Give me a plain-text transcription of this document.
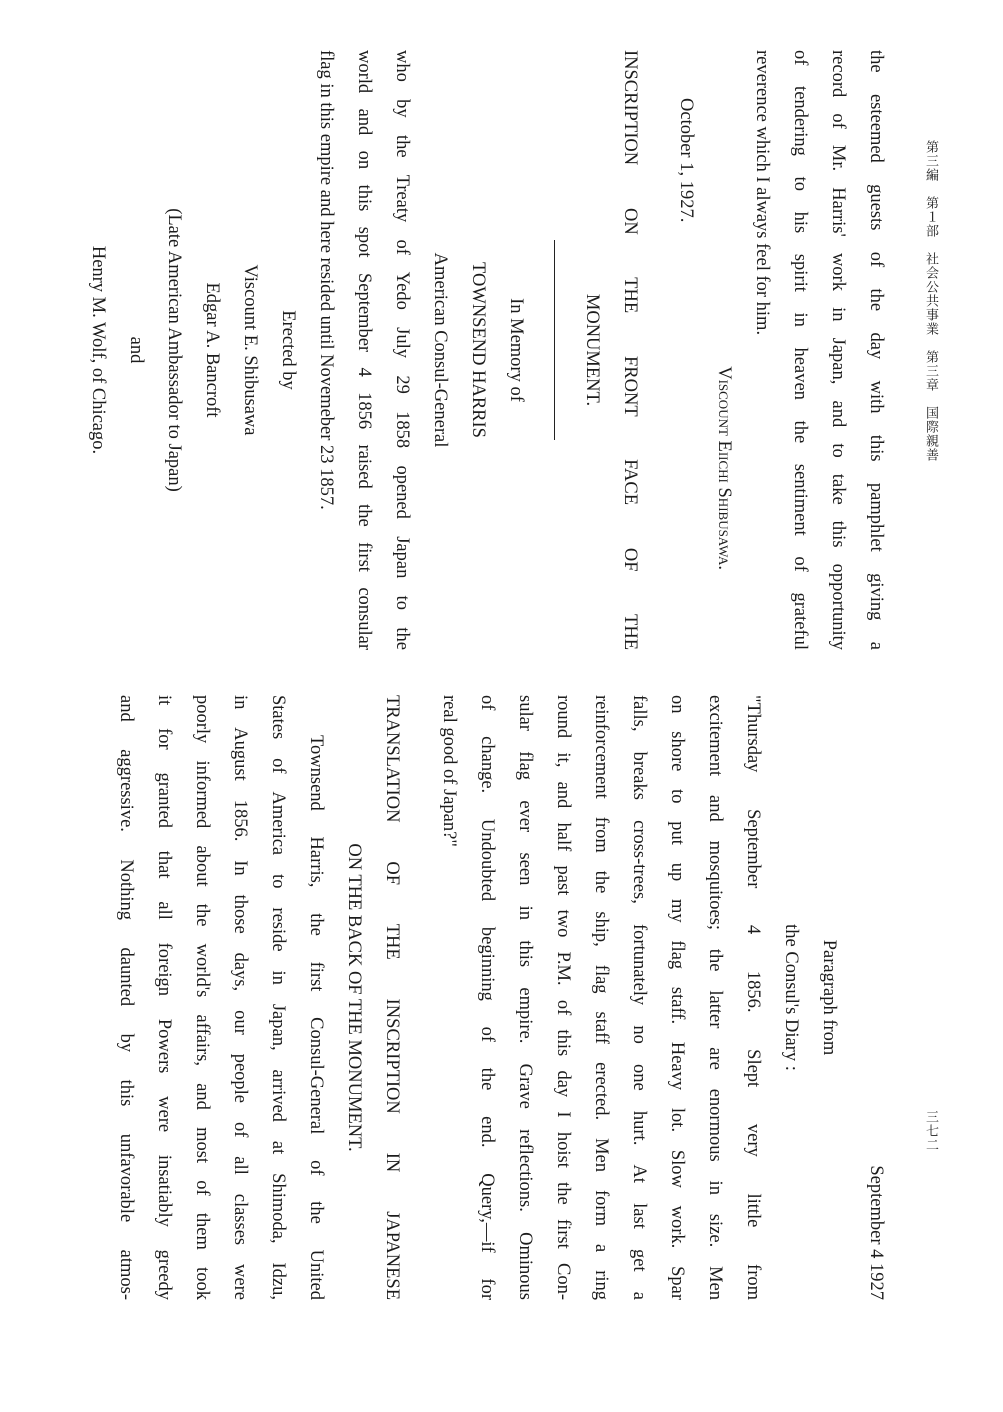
第三編　第１部　社会公共事業　第三章　国際親善
三七二
the esteemed guests of the day with this pamphlet giving a
record of Mr. Harris' work in Japan, and to take this opportunity
of tendering to his spirit in heaven the sentiment of grateful
reverence which I always feel for him.
Viscount Eiichi Shibusawa.
October 1, 1927.
INSCRIPTION ON THE FRONT FACE OF THE
MONUMENT.
In Memory of
TOWNSEND HARRIS
American Consul-General
who by the Treaty of Yedo July 29 1858 opened Japan to the
world and on this spot September 4 1856 raised the first consular
flag in this empire and here resided until Novemeber 23 1857.
Erected by
Viscount E. Shibusawa
Edgar A. Bancroft
(Late American Ambassador to Japan)
and
Henry M. Wolf, of Chicago.
September 4 1927
Paragraph from
the Consul's Diary :
"Thursday September 4 1856. Slept very little from
excitement and mosquitoes; the latter are enormous in size. Men
on shore to put up my flag staff. Heavy lot. Slow work. Spar
falls, breaks cross-trees, fortunately no one hurt. At last get a
reinforcement from the ship, flag staff erected. Men form a ring
round it, and half past two P.M. of this day I hoist the first Con-
sular flag ever seen in this empire. Grave reflections. Ominous
of change. Undoubted beginning of the end. Query,—if for
real good of Japan?"
TRANSLATION OF THE INSCRIPTION IN JAPANESE
ON THE BACK OF THE MONUMENT.
Townsend Harris, the first Consul-General of the United
States of America to reside in Japan, arrived at Shimoda, Idzu,
in August 1856. In those days, our people of all classes were
poorly informed about the world's affairs, and most of them took
it for granted that all foreign Powers were insatiably greedy
and aggressive. Nothing daunted by this unfavorable atmos-
